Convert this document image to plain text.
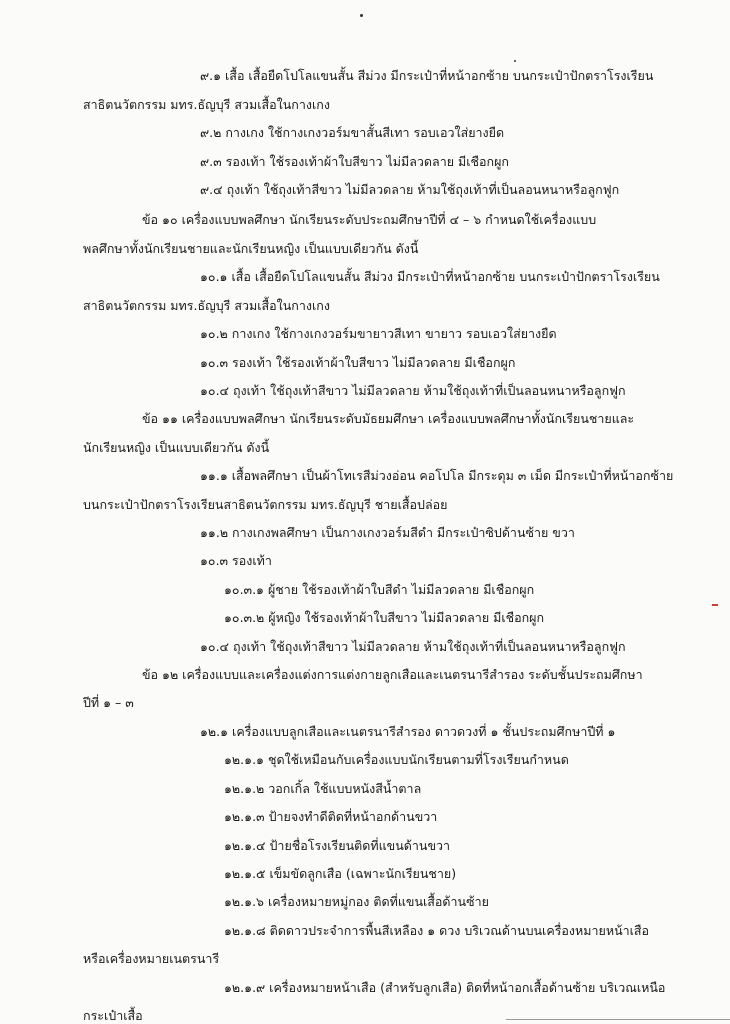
๙.๑ เสื้อ เสื้อยืดโปโลแขนสั้น สีม่วง มีกระเป๋าที่หน้าอกซ้าย บนกระเป๋าปักตราโรงเรียน
สาธิตนวัตกรรม มทร.ธัญบุรี สวมเสื้อในกางเกง
๙.๒ กางเกง ใช้กางเกงวอร์มขาสั้นสีเทา รอบเอวใส่ยางยืด
๙.๓ รองเท้า ใช้รองเท้าผ้าใบสีขาว ไม่มีลวดลาย มีเชือกผูก
๙.๔ ถุงเท้า ใช้ถุงเท้าสีขาว ไม่มีลวดลาย ห้ามใช้ถุงเท้าที่เป็นลอนหนาหรือลูกฟูก
ข้อ ๑๐ เครื่องแบบพลศึกษา นักเรียนระดับประถมศึกษาปีที่ ๔ – ๖ กำหนดใช้เครื่องแบบ
พลศึกษาทั้งนักเรียนชายและนักเรียนหญิง เป็นแบบเดียวกัน ดังนี้
๑๐.๑ เสื้อ เสื้อยืดโปโลแขนสั้น สีม่วง มีกระเป๋าที่หน้าอกซ้าย บนกระเป๋าปักตราโรงเรียน
สาธิตนวัตกรรม มทร.ธัญบุรี สวมเสื้อในกางเกง
๑๐.๒ กางเกง ใช้กางเกงวอร์มขายาวสีเทา ขายาว รอบเอวใส่ยางยืด
๑๐.๓ รองเท้า ใช้รองเท้าผ้าใบสีขาว ไม่มีลวดลาย มีเชือกผูก
๑๐.๔ ถุงเท้า ใช้ถุงเท้าสีขาว ไม่มีลวดลาย ห้ามใช้ถุงเท้าที่เป็นลอนหนาหรือลูกฟูก
ข้อ ๑๑ เครื่องแบบพลศึกษา นักเรียนระดับมัธยมศึกษา เครื่องแบบพลศึกษาทั้งนักเรียนชายและ
นักเรียนหญิง เป็นแบบเดียวกัน ดังนี้
๑๑.๑ เสื้อพลศึกษา เป็นผ้าโทเรสีม่วงอ่อน คอโปโล มีกระดุม ๓ เม็ด มีกระเป๋าที่หน้าอกซ้าย
บนกระเป๋าปักตราโรงเรียนสาธิตนวัตกรรม มทร.ธัญบุรี ชายเสื้อปล่อย
๑๑.๒ กางเกงพลศึกษา เป็นกางเกงวอร์มสีดำ มีกระเป๋าซิปด้านซ้าย ขวา
๑๐.๓ รองเท้า
๑๐.๓.๑ ผู้ชาย ใช้รองเท้าผ้าใบสีดำ ไม่มีลวดลาย มีเชือกผูก
๑๐.๓.๒ ผู้หญิง ใช้รองเท้าผ้าใบสีขาว ไม่มีลวดลาย มีเชือกผูก
๑๐.๔ ถุงเท้า ใช้ถุงเท้าสีขาว ไม่มีลวดลาย ห้ามใช้ถุงเท้าที่เป็นลอนหนาหรือลูกฟูก
ข้อ ๑๒ เครื่องแบบและเครื่องแต่งการแต่งกายลูกเสือและเนตรนารีสำรอง ระดับชั้นประถมศึกษา
ปีที่ ๑ – ๓
๑๒.๑ เครื่องแบบลูกเสือและเนตรนารีสำรอง ดาวดวงที่ ๑ ชั้นประถมศึกษาปีที่ ๑
๑๒.๑.๑ ชุดใช้เหมือนกับเครื่องแบบนักเรียนตามที่โรงเรียนกำหนด
๑๒.๑.๒ วอกเกิ้ล ใช้แบบหนังสีน้ำตาล
๑๒.๑.๓ ป้ายจงทำดีติดที่หน้าอกด้านขวา
๑๒.๑.๔ ป้ายชื่อโรงเรียนติดที่แขนด้านขวา
๑๒.๑.๕ เข็มขัดลูกเสือ (เฉพาะนักเรียนชาย)
๑๒.๑.๖ เครื่องหมายหมู่กอง ติดที่แขนเสื้อด้านซ้าย
๑๒.๑.๘ ติดดาวประจำการพื้นสีเหลือง ๑ ดวง บริเวณด้านบนเครื่องหมายหน้าเสือ
หรือเครื่องหมายเนตรนารี
๑๒.๑.๙ เครื่องหมายหน้าเสือ (สำหรับลูกเสือ) ติดที่หน้าอกเสื้อด้านซ้าย บริเวณเหนือ
กระเป๋าเสื้อ
